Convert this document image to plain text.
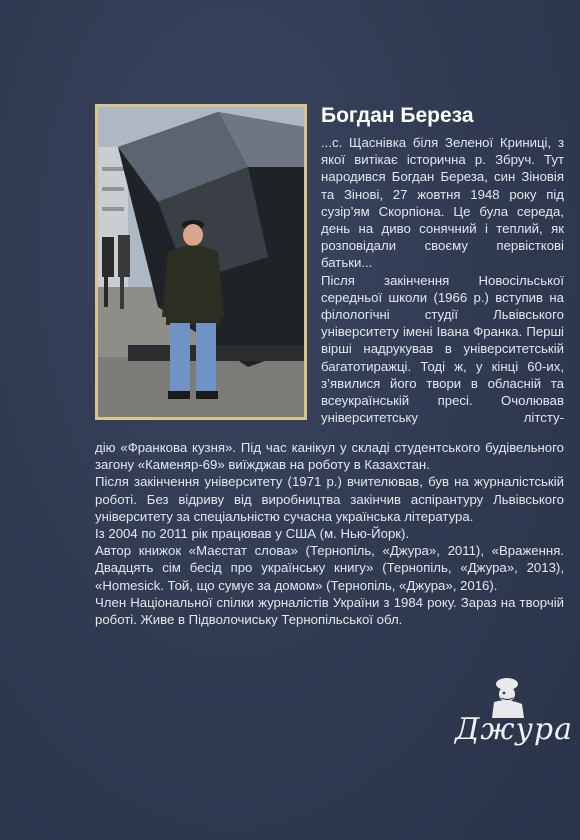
Богдан Береза

...с. Щаснівка біля Зеленої Криниці, з якої витікає історична р. Збруч. Тут народився Богдан Береза, син Зіновія та Зінові, 27 жовтня 1948 року під сузір’ям Скорпіона. Це була середа, день на диво сонячний і теплий, як розповідали своєму первісткові батьки...

Після закінчення Новосільської середньої школи (1966 р.) вступив на філологічні студії Львівського університету імені Івана Франка. Перші вірші надрукував в університетській багатотиражці. Тоді ж, у кінці 60-их, з’явилися його твори в обласній та всеукраїнській пресі. Очолював університетську літсту-

дію «Франкова кузня». Під час канікул у складі студентського будівельного загону «Каменяр-69» виїжджав на роботу в Казахстан.

Після закінчення університету (1971 р.) вчителював, був на журналістській роботі. Без відриву від виробництва закінчив аспірантуру Львівського університету за спеціальністю сучасна українська література.

Із 2004 по 2011 рік працював у США (м. Нью-Йорк).

Автор книжок «Маєстат слова» (Тернопіль, «Джура», 2011), «Враження. Двадцять сім бесід про українську книгу» (Тернопіль, «Джура», 2013), «Homesick. Той, що сумує за домом» (Тернопіль, «Джура», 2016).

Член Національної спілки журналістів України з 1984 року. Зараз на творчій роботі. Живе в Підволочиську Тернопільської обл.

Джура
